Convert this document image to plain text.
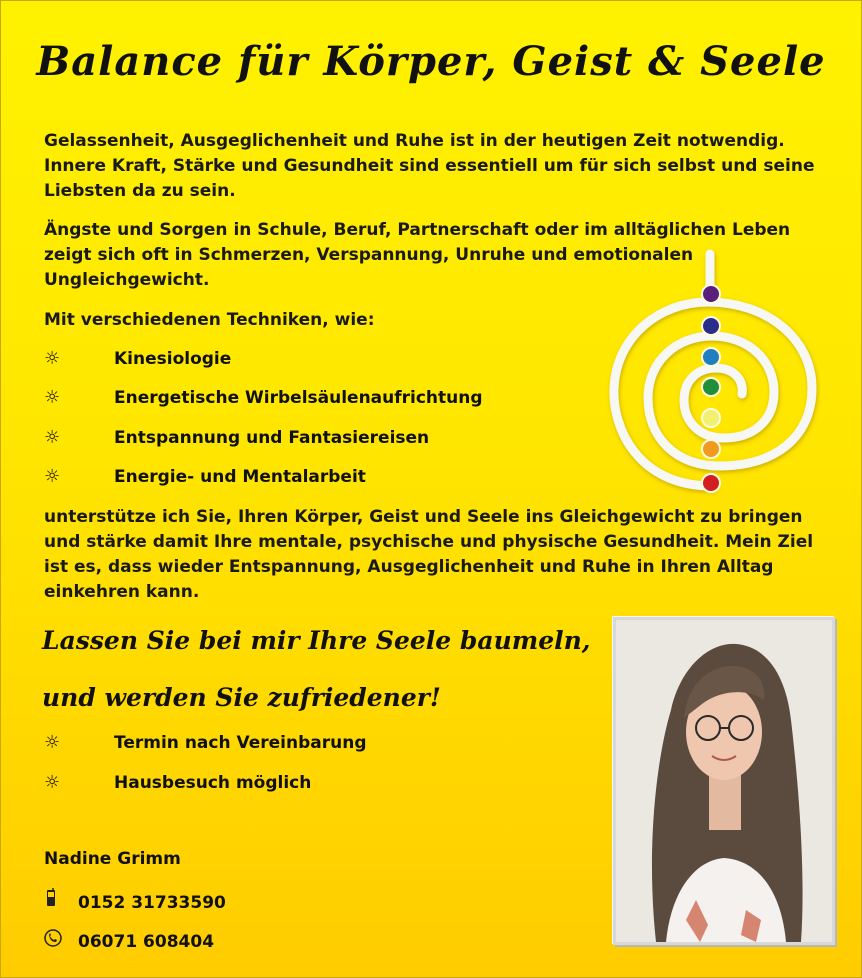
Balance für Körper, Geist & Seele
Gelassenheit, Ausgeglichenheit und Ruhe ist in der heutigen Zeit notwendig.
Innere Kraft, Stärke und Gesundheit sind essentiell um für sich selbst und seine
Liebsten da zu sein.
Ängste und Sorgen in Schule, Beruf, Partnerschaft oder im alltäglichen Leben
zeigt sich oft in Schmerzen, Verspannung, Unruhe und emotionalen
Ungleichgewicht.
Mit verschiedenen Techniken, wie:
☼	Kinesiologie
☼	Energetische Wirbelsäulenaufrichtung
☼	Entspannung und Fantasiereisen
☼	Energie- und Mentalarbeit
unterstütze ich Sie, Ihren Körper, Geist und Seele ins Gleichgewicht zu bringen
und stärke damit Ihre mentale, psychische und physische Gesundheit. Mein Ziel
ist es, dass wieder Entspannung, Ausgeglichenheit und Ruhe in Ihren Alltag
einkehren kann.
Lassen Sie bei mir Ihre Seele baumeln,
und werden Sie zufriedener!
☼	Termin nach Vereinbarung
☼	Hausbesuch möglich
Nadine Grimm
0152 31733590
06071 608404
